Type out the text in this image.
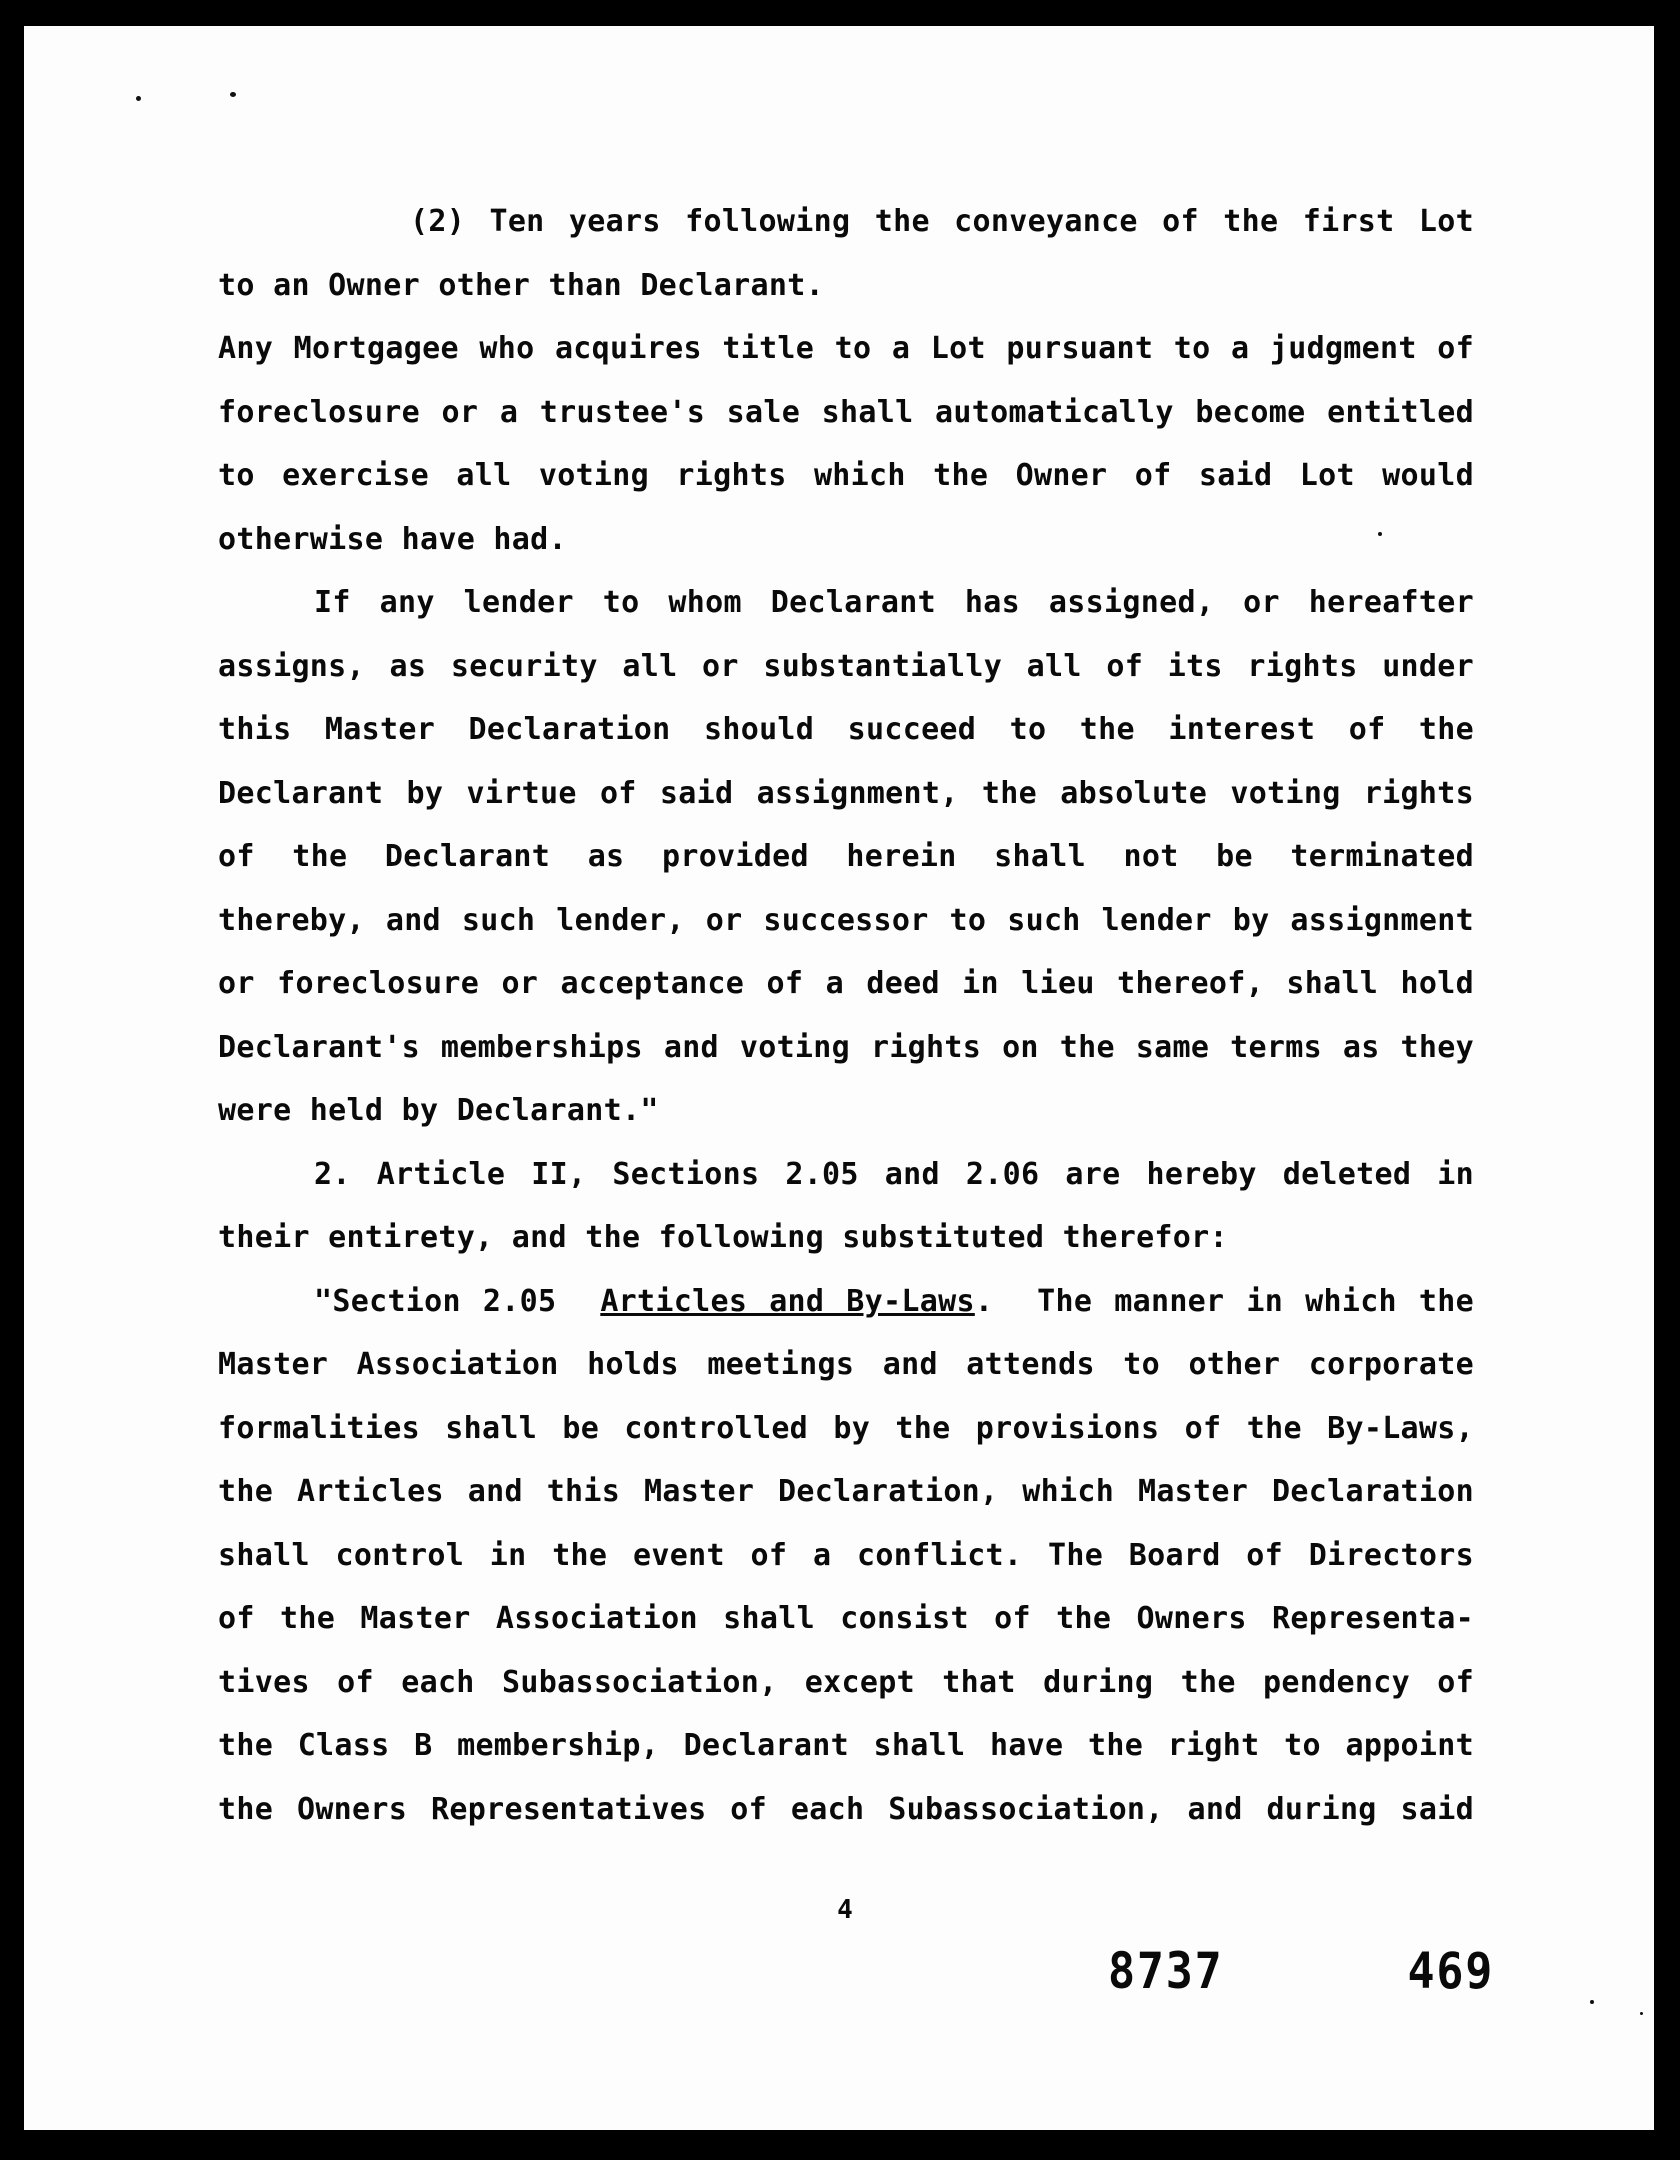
(2) Ten years following the conveyance of the first Lot
to an Owner other than Declarant.
Any Mortgagee who acquires title to a Lot pursuant to a judgment of
foreclosure or a trustee's sale shall automatically become entitled
to exercise all voting rights which the Owner of said Lot would
otherwise have had.
If any lender to whom Declarant has assigned, or hereafter
assigns, as security all or substantially all of its rights under
this Master Declaration should succeed to the interest of the
Declarant by virtue of said assignment, the absolute voting rights
of the Declarant as provided herein shall not be terminated
thereby, and such lender, or successor to such lender by assignment
or foreclosure or acceptance of a deed in lieu thereof, shall hold
Declarant's memberships and voting rights on the same terms as they
were held by Declarant."
2. Article II, Sections 2.05 and 2.06 are hereby deleted in
their entirety, and the following substituted therefor:
"Section 2.05  Articles and By-Laws.  The manner in which the
Master Association holds meetings and attends to other corporate
formalities shall be controlled by the provisions of the By-Laws,
the Articles and this Master Declaration, which Master Declaration
shall control in the event of a conflict. The Board of Directors
of the Master Association shall consist of the Owners Representa-
tives of each Subassociation, except that during the pendency of
the Class B membership, Declarant shall have the right to appoint
the Owners Representatives of each Subassociation, and during said
4
8737   469
